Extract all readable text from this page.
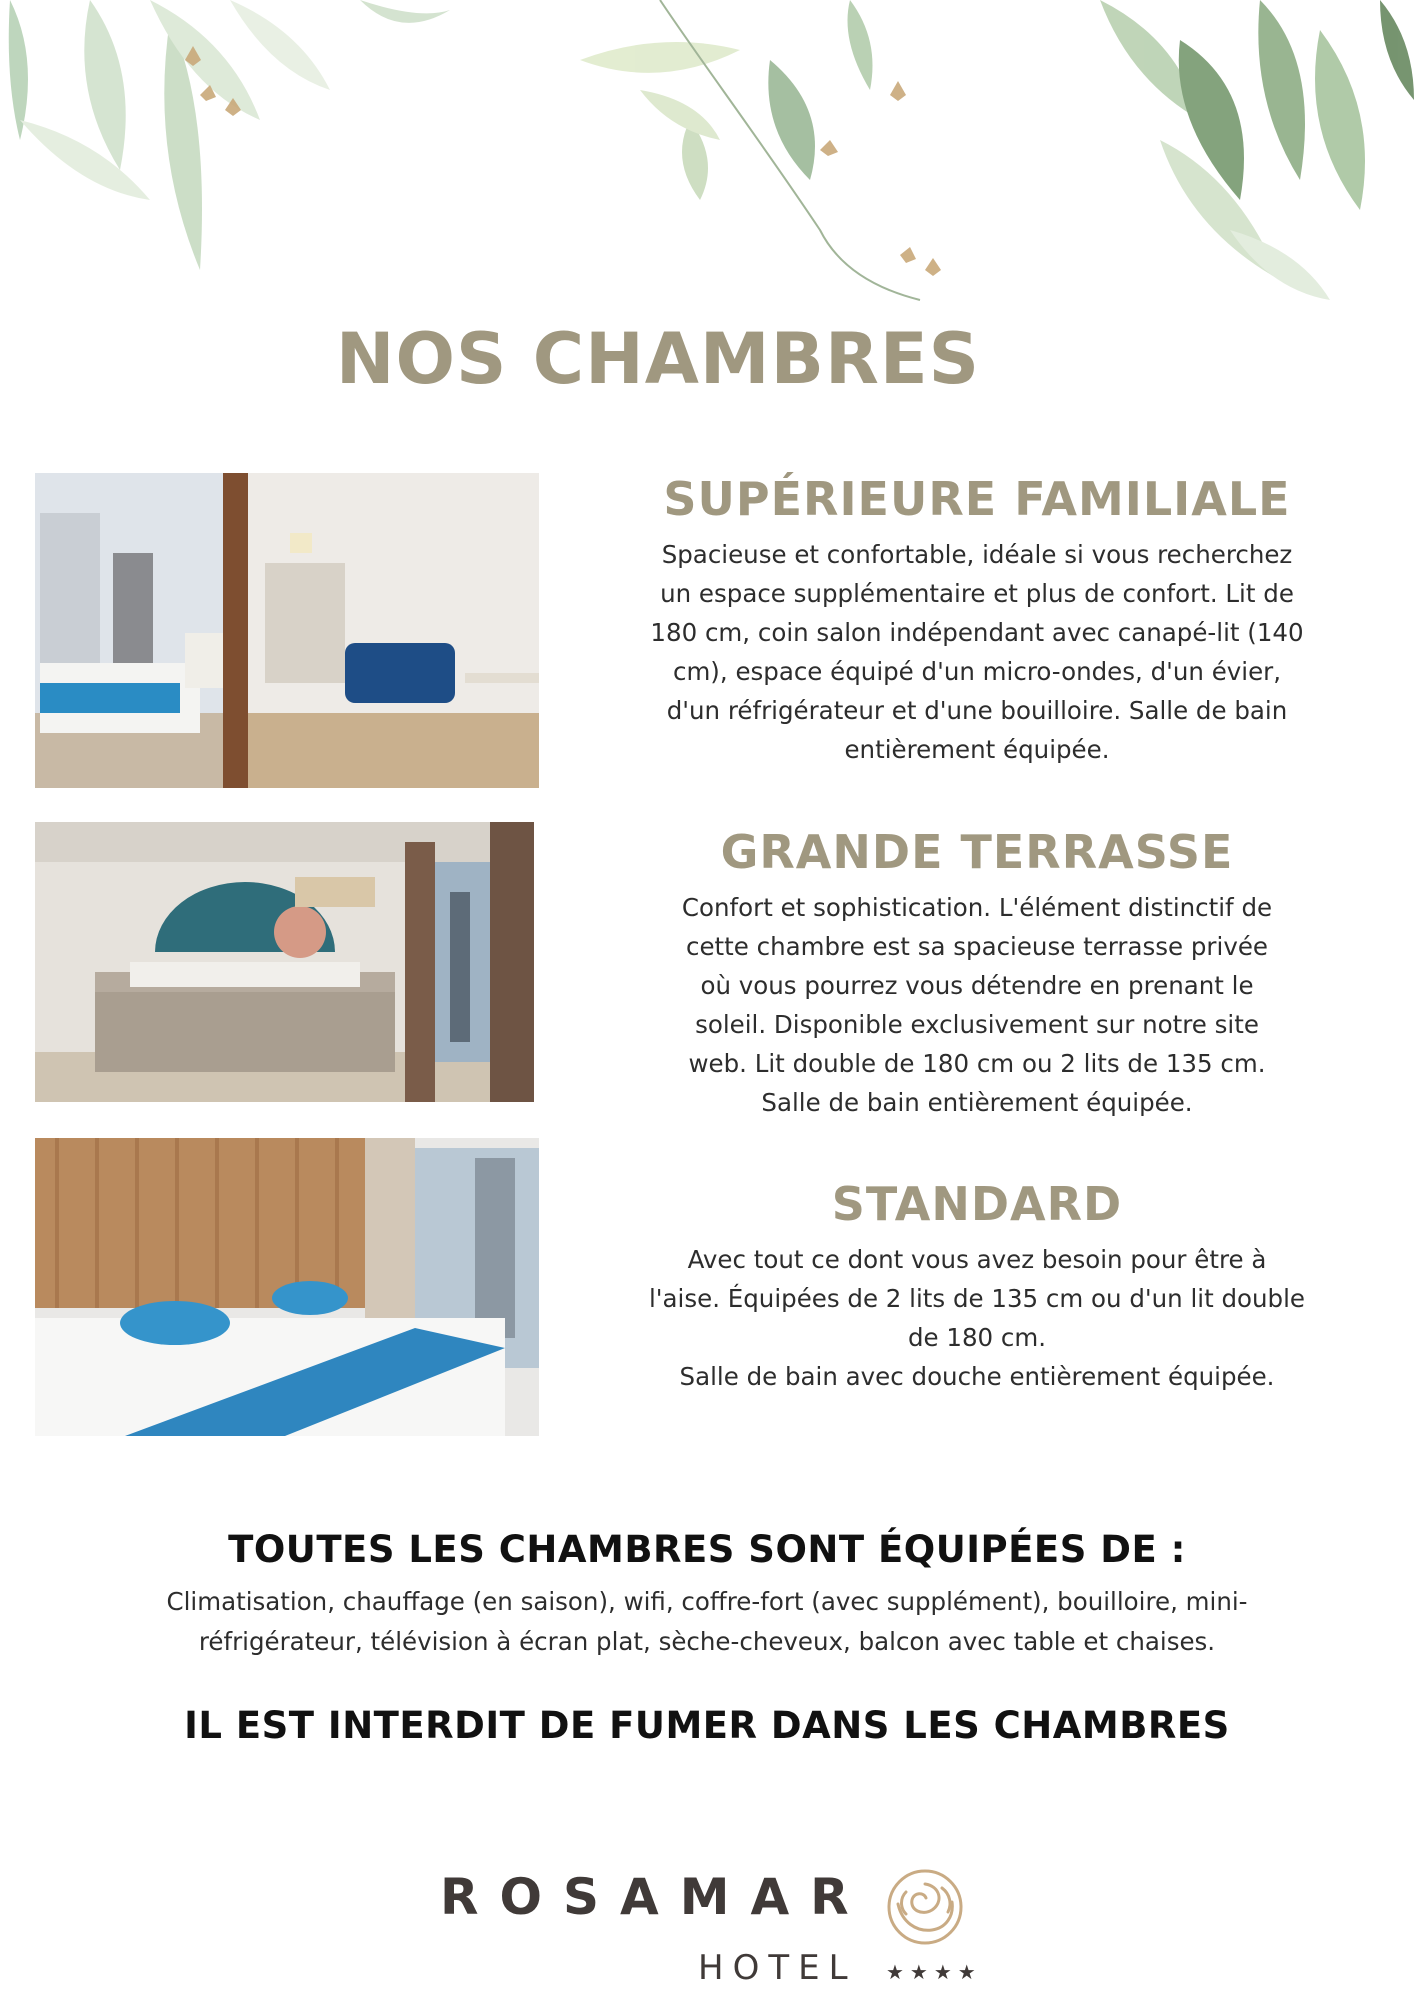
NOS CHAMBRES
SUPÉRIEURE FAMILIALE

Spacieuse et confortable, idéale si vous recherchez
un espace supplémentaire et plus de confort. Lit de
180 cm, coin salon indépendant avec canapé-lit (140
cm), espace équipé d'un micro-ondes, d'un évier,
d'un réfrigérateur et d'une bouilloire. Salle de bain
entièrement équipée.

GRANDE TERRASSE

Confort et sophistication. L'élément distinctif de
cette chambre est sa spacieuse terrasse privée
où vous pourrez vous détendre en prenant le
soleil. Disponible exclusivement sur notre site
web. Lit double de 180 cm ou 2 lits de 135 cm.
Salle de bain entièrement équipée.

STANDARD

Avec tout ce dont vous avez besoin pour être à
l'aise. Équipées de 2 lits de 135 cm ou d'un lit double
de 180 cm.
Salle de bain avec douche entièrement équipée.

TOUTES LES CHAMBRES SONT ÉQUIPÉES DE :

Climatisation, chauffage (en saison), wifi, coffre-fort (avec supplément), bouilloire, mini-
réfrigérateur, télévision à écran plat, sèche-cheveux, balcon avec table et chaises.

IL EST INTERDIT DE FUMER DANS LES CHAMBRES
ROSAMAR
HOTEL ★★★★
